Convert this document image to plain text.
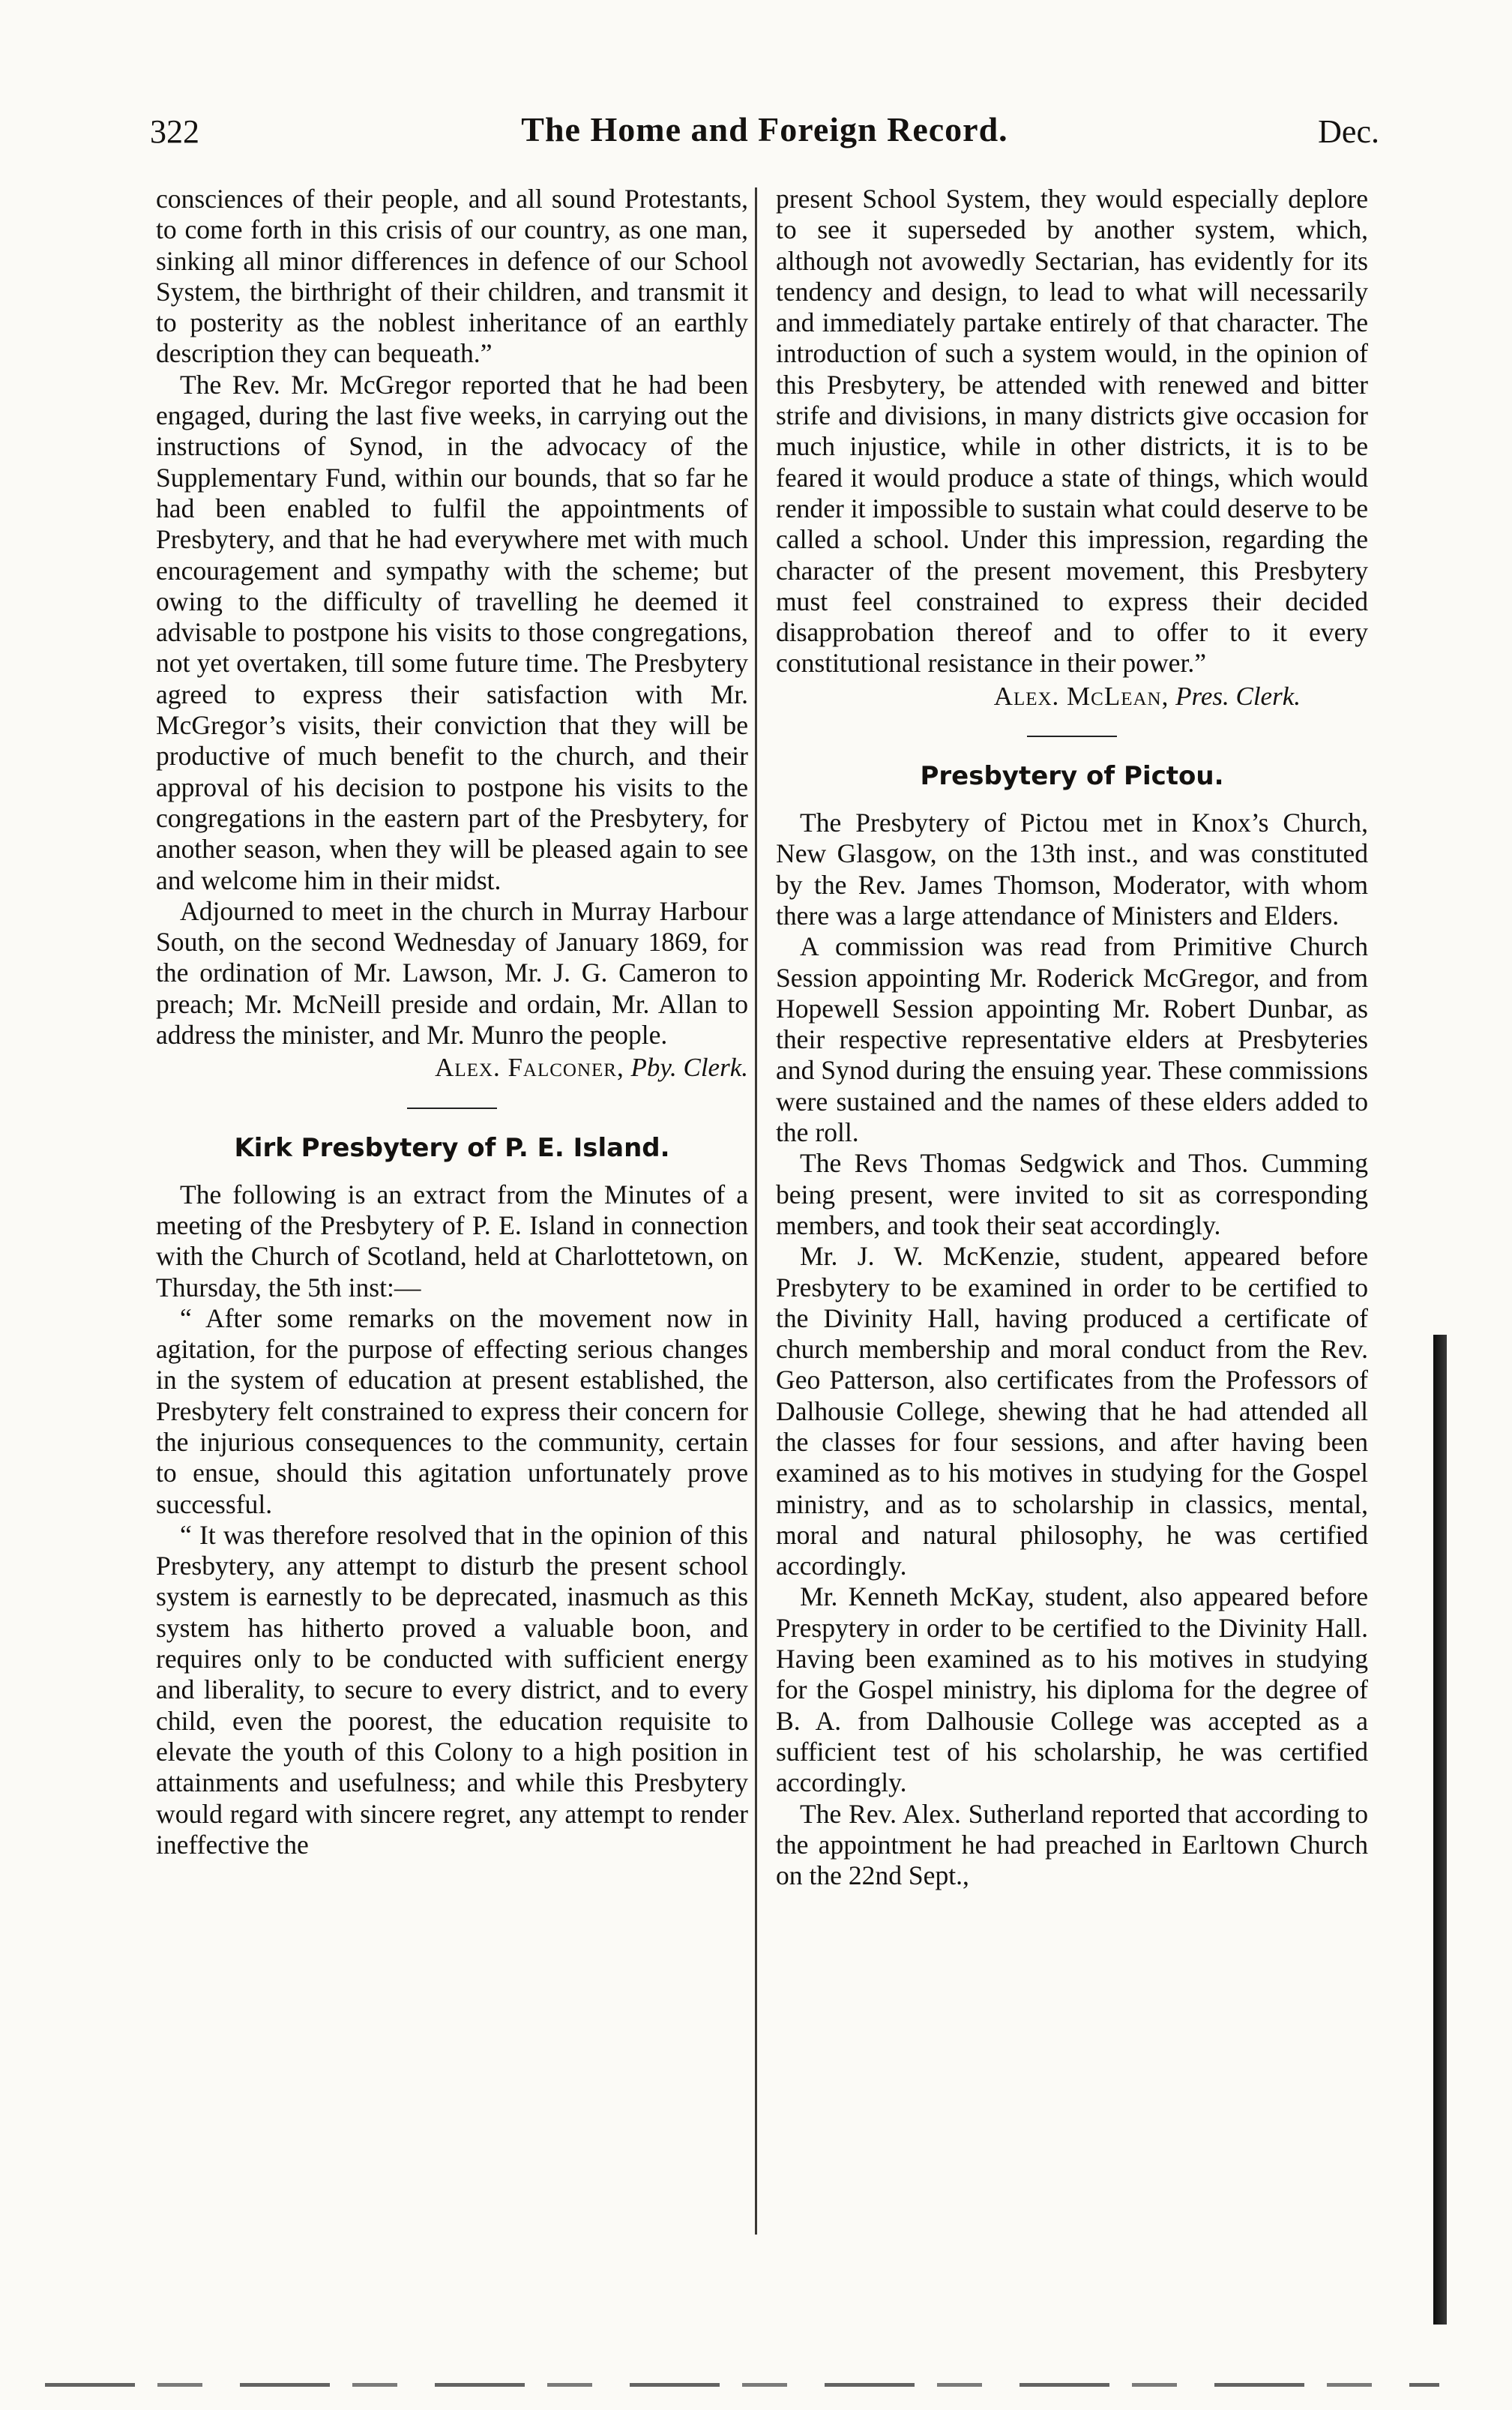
322	The Home and Foreign Record.	Dec.

consciences of their people, and all sound Protestants, to come forth in this crisis of our country, as one man, sinking all minor differences in defence of our School System, the birthright of their children, and transmit it to posterity as the noblest inheritance of an earthly description they can bequeath.”

The Rev. Mr. McGregor reported that he had been engaged, during the last five weeks, in carrying out the instructions of Synod, in the advocacy of the Supplementary Fund, within our bounds, that so far he had been enabled to fulfil the appointments of Presbytery, and that he had everywhere met with much encouragement and sympathy with the scheme; but owing to the difficulty of travelling he deemed it advisable to postpone his visits to those congregations, not yet overtaken, till some future time. The Presbytery agreed to express their satisfaction with Mr. McGregor’s visits, their conviction that they will be productive of much benefit to the church, and their approval of his decision to postpone his visits to the congregations in the eastern part of the Presbytery, for another season, when they will be pleased again to see and welcome him in their midst.

Adjourned to meet in the church in Murray Harbour South, on the second Wednesday of January 1869, for the ordination of Mr. Lawson, Mr. J. G. Cameron to preach; Mr. McNeill preside and ordain, Mr. Allan to address the minister, and Mr. Munro the people.

Alex. Falconer, Pby. Clerk.
Kirk Presbytery of P. E. Island.

The following is an extract from the Minutes of a meeting of the Presbytery of P. E. Island in connection with the Church of Scotland, held at Charlottetown, on Thursday, the 5th inst:—

“ After some remarks on the movement now in agitation, for the purpose of effecting serious changes in the system of education at present established, the Presbytery felt constrained to express their concern for the injurious consequences to the community, certain to ensue, should this agitation unfortunately prove successful.

“ It was therefore resolved that in the opinion of this Presbytery, any attempt to disturb the present school system is earnestly to be deprecated, inasmuch as this system has hitherto proved a valuable boon, and requires only to be conducted with sufficient energy and liberality, to secure to every district, and to every child, even the poorest, the education requisite to elevate the youth of this Colony to a high position in attainments and usefulness; and while this Presbytery would regard with sincere regret, any attempt to render ineffective the

present School System, they would especially deplore to see it superseded by another system, which, although not avowedly Sectarian, has evidently for its tendency and design, to lead to what will necessarily and immediately partake entirely of that character. The introduction of such a system would, in the opinion of this Presbytery, be attended with renewed and bitter strife and divisions, in many districts give occasion for much injustice, while in other districts, it is to be feared it would produce a state of things, which would render it impossible to sustain what could deserve to be called a school. Under this impression, regarding the character of the present movement, this Presbytery must feel constrained to express their decided disapprobation thereof and to offer to it every constitutional resistance in their power.”

Alex. McLean, Pres. Clerk.
Presbytery of Pictou.

The Presbytery of Pictou met in Knox’s Church, New Glasgow, on the 13th inst., and was constituted by the Rev. James Thomson, Moderator, with whom there was a large attendance of Ministers and Elders.

A commission was read from Primitive Church Session appointing Mr. Roderick McGregor, and from Hopewell Session appointing Mr. Robert Dunbar, as their respective representative elders at Presbyteries and Synod during the ensuing year. These commissions were sustained and the names of these elders added to the roll.

The Revs Thomas Sedgwick and Thos. Cumming being present, were invited to sit as corresponding members, and took their seat accordingly.

Mr. J. W. McKenzie, student, appeared before Presbytery to be examined in order to be certified to the Divinity Hall, having produced a certificate of church membership and moral conduct from the Rev. Geo Patterson, also certificates from the Professors of Dalhousie College, shewing that he had attended all the classes for four sessions, and after having been examined as to his motives in studying for the Gospel ministry, and as to scholarship in classics, mental, moral and natural philosophy, he was certified accordingly.

Mr. Kenneth McKay, student, also appeared before Prespytery in order to be certified to the Divinity Hall. Having been examined as to his motives in studying for the Gospel ministry, his diploma for the degree of B. A. from Dalhousie College was accepted as a sufficient test of his scholarship, he was certified accordingly.

The Rev. Alex. Sutherland reported that according to the appointment he had preached in Earltown Church on the 22nd Sept.,
